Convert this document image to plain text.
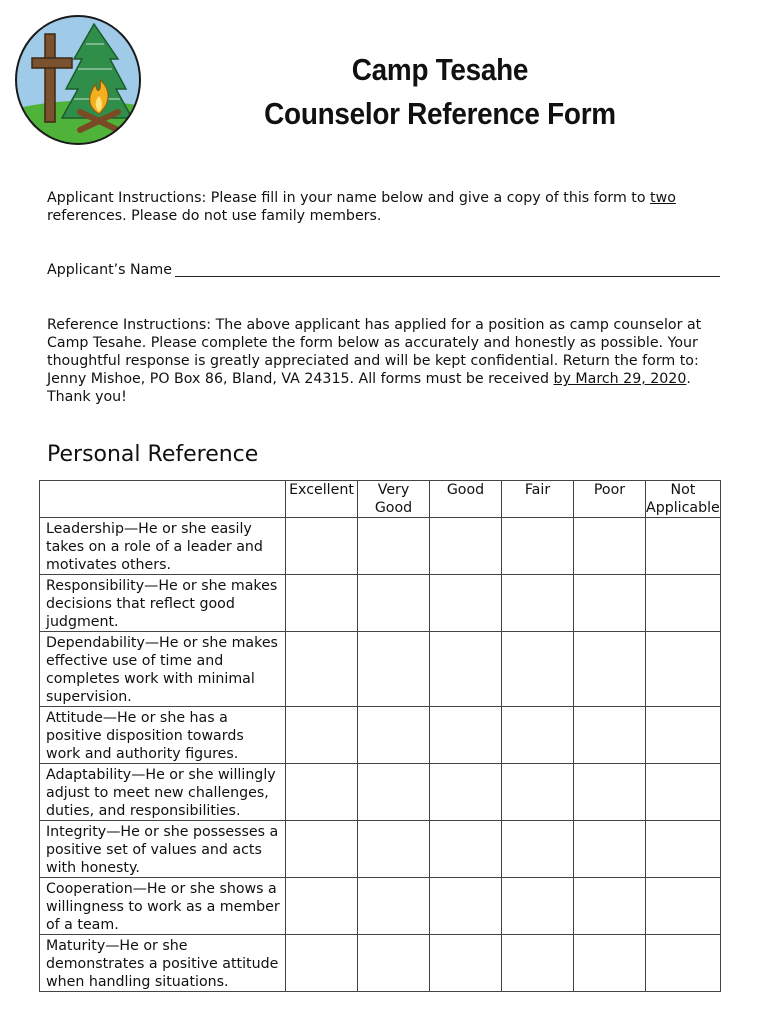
Camp Tesahe
Counselor Reference Form
Applicant Instructions: Please fill in your name below and give a copy of this form to two references. Please do not use family members.
Applicant’s Name
Reference Instructions: The above applicant has applied for a position as camp counselor at Camp Tesahe. Please complete the form below as accurately and honestly as possible. Your thoughtful response is greatly appreciated and will be kept confidential. Return the form to: Jenny Mishoe, PO Box 86, Bland, VA 24315. All forms must be received by March 29, 2020. Thank you!
Personal Reference
	Excellent	Very Good	Good	Fair	Poor	Not Applicable
Leadership—He or she easily takes on a role of a leader and motivates others.						
Responsibility—He or she makes decisions that reflect good judgment.						
Dependability—He or she makes effective use of time and completes work with minimal supervision.						
Attitude—He or she has a positive disposition towards work and authority figures.						
Adaptability—He or she willingly adjust to meet new challenges, duties, and responsibilities.						
Integrity—He or she possesses a positive set of values and acts with honesty.						
Cooperation—He or she shows a willingness to work as a member of a team.						
Maturity—He or she demonstrates a positive attitude when handling situations.						
